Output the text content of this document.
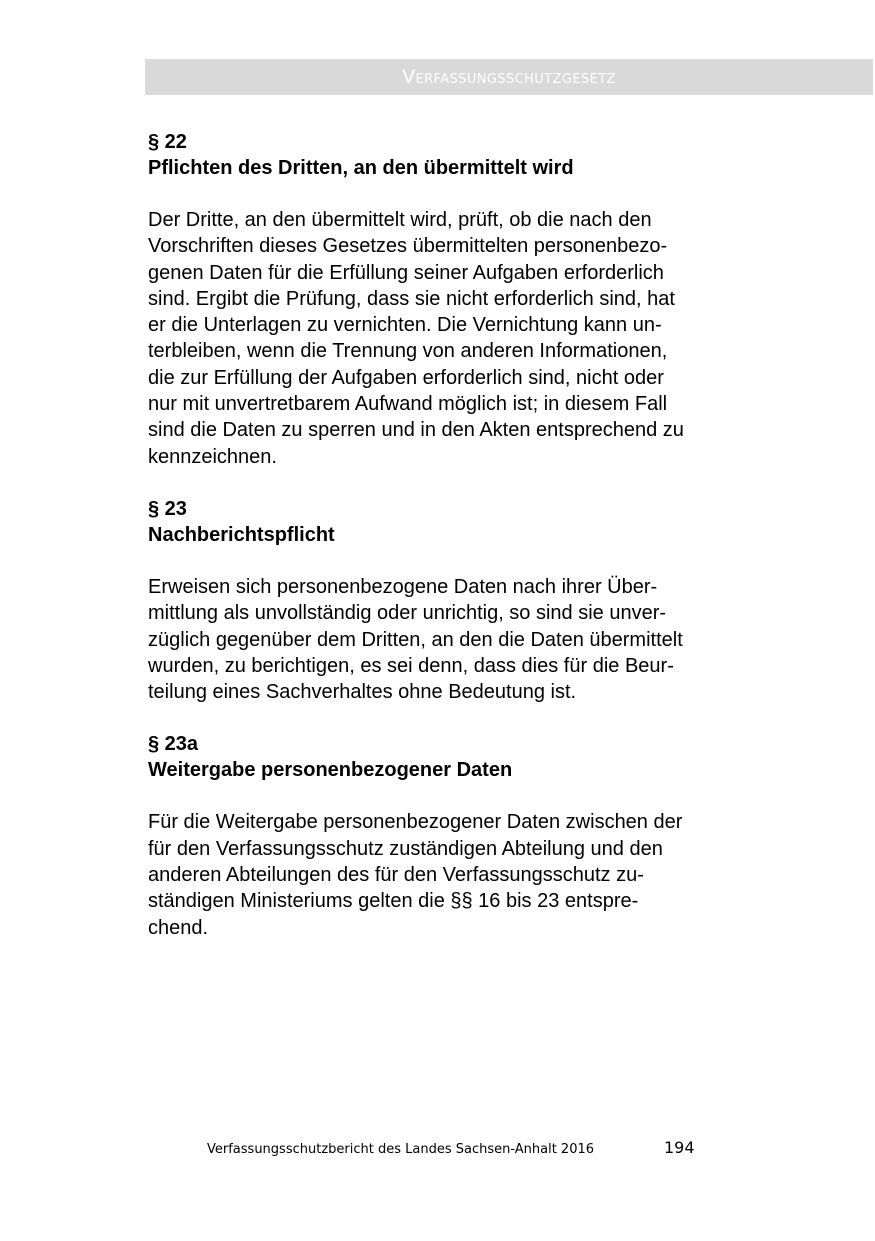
Verfassungsschutzgesetz

§ 22

Pflichten des Dritten, an den übermittelt wird

Der Dritte, an den übermittelt wird, prüft, ob die nach den
Vorschriften dieses Gesetzes übermittelten personenbezo-
genen Daten für die Erfüllung seiner Aufgaben erforderlich
sind. Ergibt die Prüfung, dass sie nicht erforderlich sind, hat
er die Unterlagen zu vernichten. Die Vernichtung kann un-
terbleiben, wenn die Trennung von anderen Informationen,
die zur Erfüllung der Aufgaben erforderlich sind, nicht oder
nur mit unvertretbarem Aufwand möglich ist; in diesem Fall
sind die Daten zu sperren und in den Akten entsprechend zu
kennzeichnen.

§ 23

Nachberichtspflicht

Erweisen sich personenbezogene Daten nach ihrer Über-
mittlung als unvollständig oder unrichtig, so sind sie unver-
züglich gegenüber dem Dritten, an den die Daten übermittelt
wurden, zu berichtigen, es sei denn, dass dies für die Beur-
teilung eines Sachverhaltes ohne Bedeutung ist.

§ 23a

Weitergabe personenbezogener Daten

Für die Weitergabe personenbezogener Daten zwischen der
für den Verfassungsschutz zuständigen Abteilung und den
anderen Abteilungen des für den Verfassungsschutz zu-
ständigen Ministeriums gelten die §§ 16 bis 23 entspre-
chend.

Verfassungsschutzbericht des Landes Sachsen-Anhalt 2016	194
